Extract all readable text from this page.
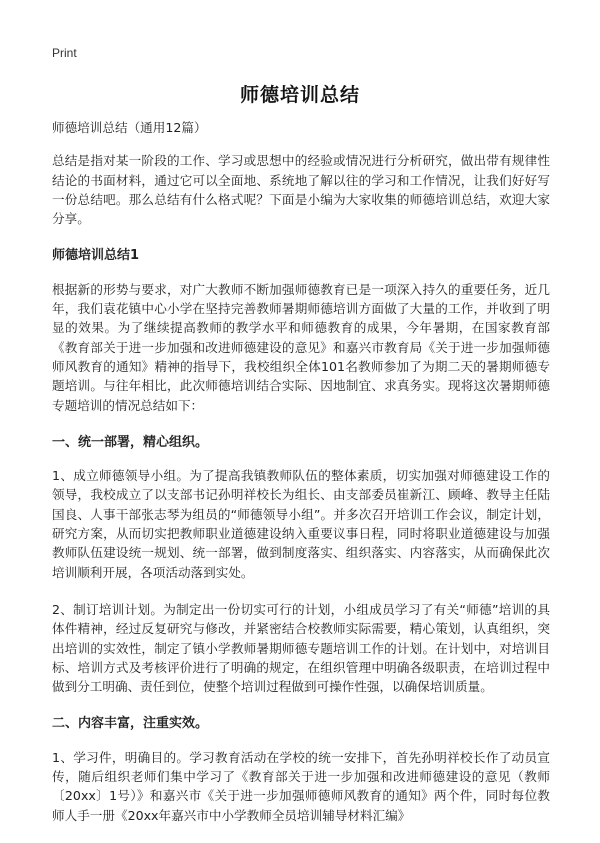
Print
师德培训总结

师德培训总结（通用12篇）

总结是指对某一阶段的工作、学习或思想中的经验或情况进行分析研究，做出带有规律性结论的书面材料，通过它可以全面地、系统地了解以往的学习和工作情况，让我们好好写一份总结吧。那么总结有什么格式呢？下面是小编为大家收集的师德培训总结，欢迎大家分享。

师德培训总结1

根据新的形势与要求，对广大教师不断加强师德教育已是一项深入持久的重要任务，近几年，我们袁花镇中心小学在坚持完善教师暑期师德培训方面做了大量的工作，并收到了明显的效果。为了继续提高教师的教学水平和师德教育的成果，今年暑期，在国家教育部《教育部关于进一步加强和改进师德建设的意见》和嘉兴市教育局《关于进一步加强师德师风教育的通知》精神的指导下，我校组织全体101名教师参加了为期二天的暑期师德专题培训。与往年相比，此次师德培训结合实际、因地制宜、求真务实。现将这次暑期师德专题培训的情况总结如下：

一、统一部署，精心组织。

1、成立师德领导小组。为了提高我镇教师队伍的整体素质，切实加强对师德建设工作的领导，我校成立了以支部书记孙明祥校长为组长、由支部委员崔新江、顾峰、教导主任陆国良、人事干部张志琴为组员的“师德领导小组”。并多次召开培训工作会议，制定计划，研究方案，从而切实把教师职业道德建设纳入重要议事日程，同时将职业道德建设与加强教师队伍建设统一规划、统一部署，做到制度落实、组织落实、内容落实，从而确保此次培训顺利开展，各项活动落到实处。

2、制订培训计划。为制定出一份切实可行的计划，小组成员学习了有关“师德”培训的具体件精神，经过反复研究与修改，并紧密结合校教师实际需要，精心策划，认真组织，突出培训的实效性，制定了镇小学教师暑期师德专题培训工作的计划。在计划中，对培训目标、培训方式及考核评价进行了明确的规定，在组织管理中明确各级职责，在培训过程中做到分工明确、责任到位，使整个培训过程做到可操作性强，以确保培训质量。

二、内容丰富，注重实效。

1、学习件，明确目的。学习教育活动在学校的统一安排下，首先孙明祥校长作了动员宣传，随后组织老师们集中学习了《教育部关于进一步加强和改进师德建设的意见（教师〔20xx〕1号）》和嘉兴市《关于进一步加强师德师风教育的通知》两个件，同时每位教师人手一册《20xx年嘉兴市中小学教师全员培训辅导材料汇编》
